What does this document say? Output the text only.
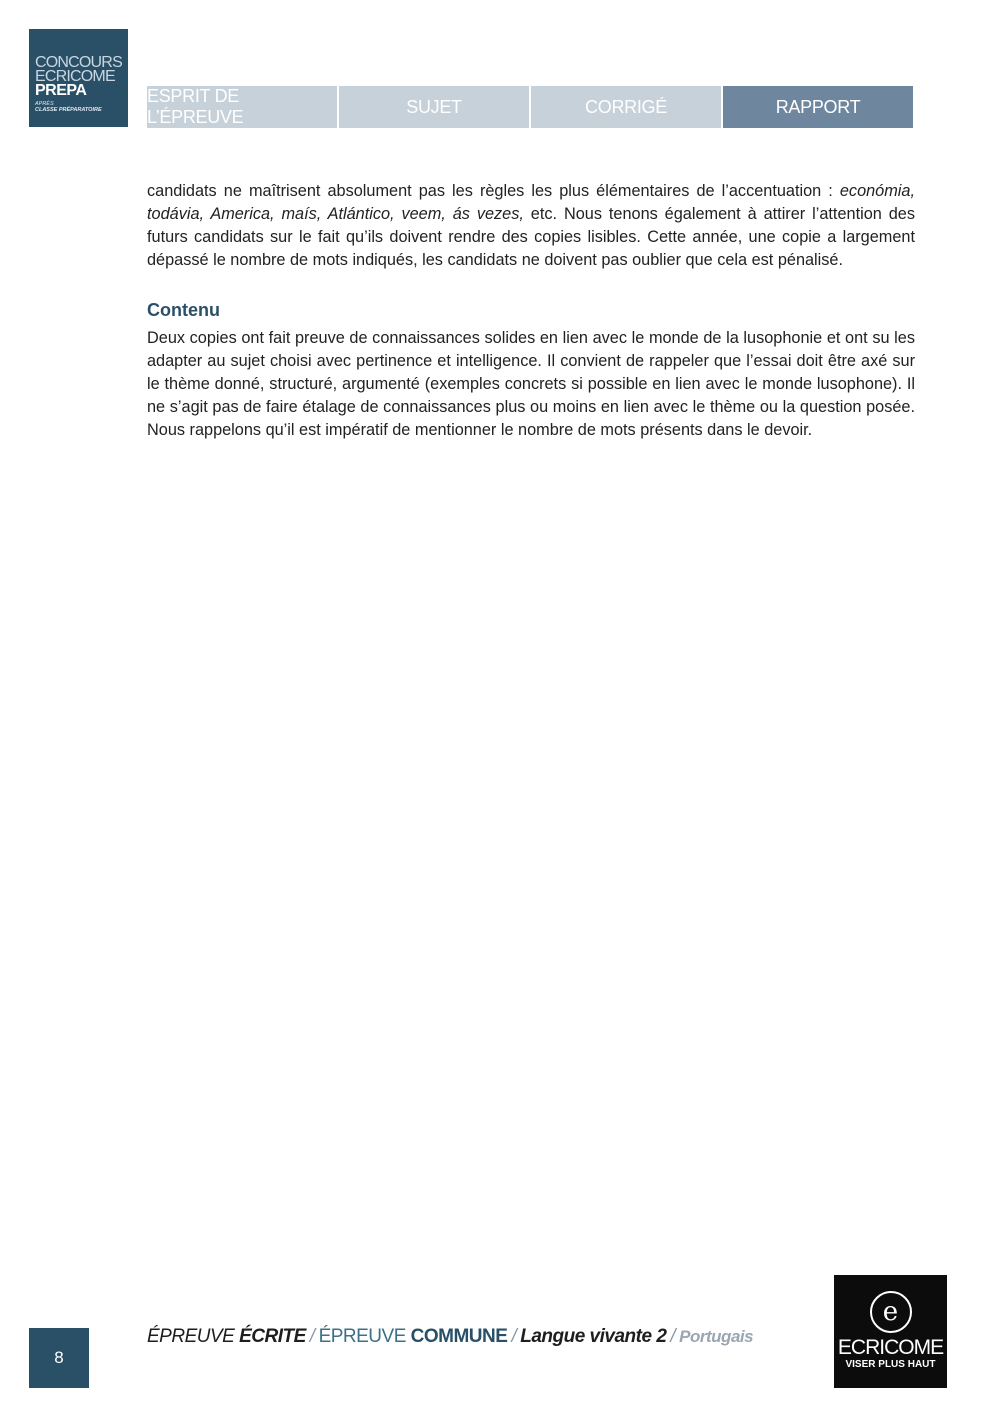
CONCOURS
ECRICOME
PREPA
APRÈS
CLASSE PRÉPARATOIRE
ESPRIT DE L’ÉPREUVE
SUJET	CORRIGÉ	RAPPORT

candidats ne maîtrisent absolument pas les règles les plus élémentaires de l’accentuation : económia, todávia, America, maís, Atlántico, veem, ás vezes, etc. Nous tenons également à attirer l’attention des futurs candidats sur le fait qu’ils doivent rendre des copies lisibles. Cette année, une copie a largement dépassé le nombre de mots indiqués, les candidats ne doivent pas oublier que cela est pénalisé.

Contenu

Deux copies ont fait preuve de connaissances solides en lien avec le monde de la lusophonie et ont su les adapter au sujet choisi avec pertinence et intelligence. Il convient de rappeler que l’essai doit être axé sur le thème donné, structuré, argumenté (exemples concrets si possible en lien avec le monde lusophone). Il ne s’agit pas de faire étalage de connaissances plus ou moins en lien avec le thème ou la question posée. Nous rappelons qu’il est impératif de mentionner le nombre de mots présents dans le devoir.

8
ÉPREUVE ÉCRITE / ÉPREUVE COMMUNE / Langue vivante 2 / Portugais
e
ECRICOME
VISER PLUS HAUT
